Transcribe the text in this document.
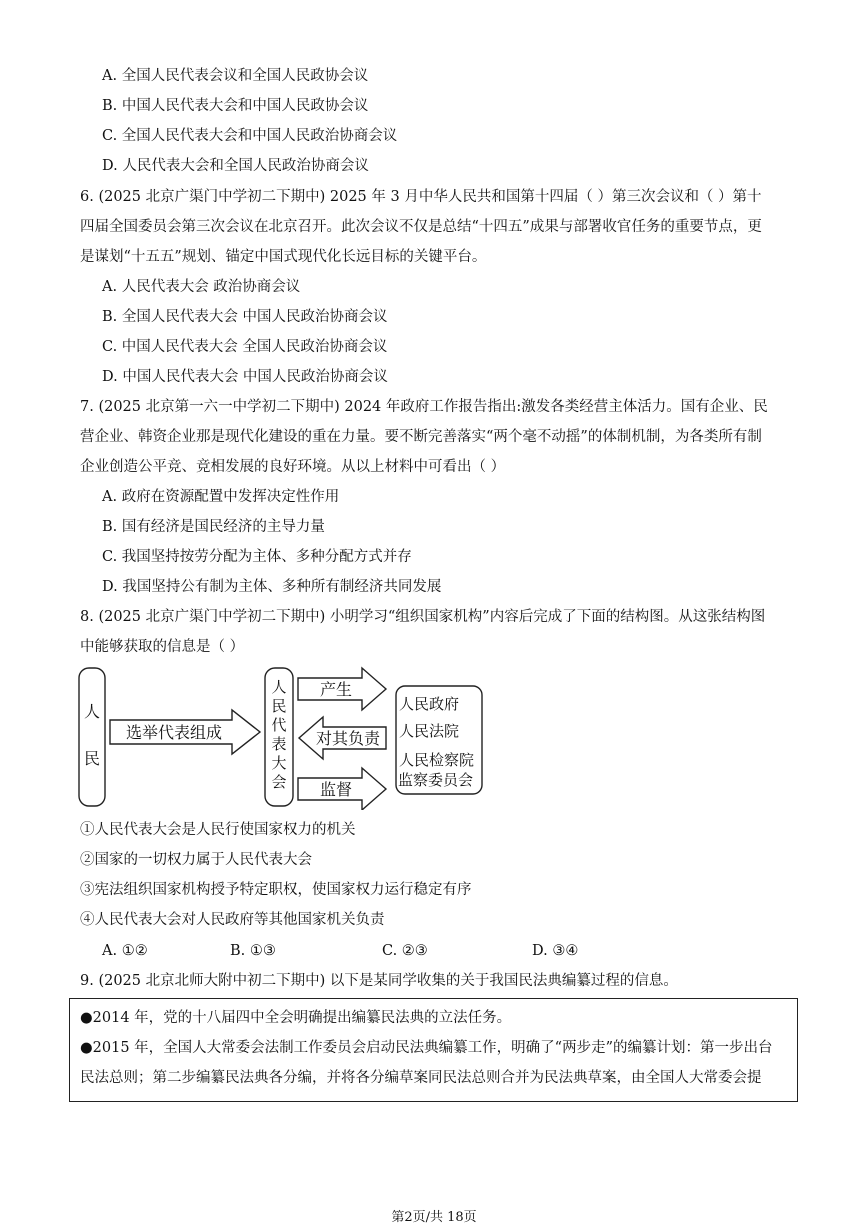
A. 全国人民代表会议和全国人民政协会议
B. 中国人民代表大会和中国人民政协会议
C. 全国人民代表大会和中国人民政治协商会议
D. 人民代表大会和全国人民政治协商会议
6. (2025 北京广渠门中学初二下期中) 2025 年 3 月中华人民共和国第十四届（ ）第三次会议和（ ）第十
四届全国委员会第三次会议在北京召开。此次会议不仅是总结“十四五”成果与部署收官任务的重要节点，更
是谋划“十五五”规划、锚定中国式现代化长远目标的关键平台。
A. 人民代表大会 政治协商会议
B. 全国人民代表大会 中国人民政治协商会议
C. 中国人民代表大会 全国人民政治协商会议
D. 中国人民代表大会 中国人民政治协商会议
7. (2025 北京第一六一中学初二下期中) 2024 年政府工作报告指出:激发各类经营主体活力。国有企业、民
营企业、韩资企业那是现代化建设的重在力量。要不断完善落实“两个毫不动摇”的体制机制，为各类所有制
企业创造公平竞、竞相发展的良好环境。从以上材料中可看出（ ）
A. 政府在资源配置中发挥决定性作用
B. 国有经济是国民经济的主导力量
C. 我国坚持按劳分配为主体、多种分配方式并存
D. 我国坚持公有制为主体、多种所有制经济共同发展
8. (2025 北京广渠门中学初二下期中) 小明学习“组织国家机构”内容后完成了下面的结构图。从这张结构图
中能够获取的信息是（ ）
人
民
选举代表组成
人
民
代
表
大
会
产生
对其负责
监督
人民政府
人民法院
人民检察院
监察委员会
①人民代表大会是人民行使国家权力的机关
②国家的一切权力属于人民代表大会
③宪法组织国家机构授予特定职权，使国家权力运行稳定有序
④人民代表大会对人民政府等其他国家机关负责
A. ①②	B. ①③	C. ②③	D. ③④
9. (2025 北京北师大附中初二下期中) 以下是某同学收集的关于我国民法典编纂过程的信息。
●2014 年，党的十八届四中全会明确提出编纂民法典的立法任务。
●2015 年，全国人大常委会法制工作委员会启动民法典编纂工作，明确了“两步走”的编纂计划：第一步出台
民法总则；第二步编纂民法典各分编，并将各分编草案同民法总则合并为民法典草案，由全国人大常委会提
第2页/共 18页
